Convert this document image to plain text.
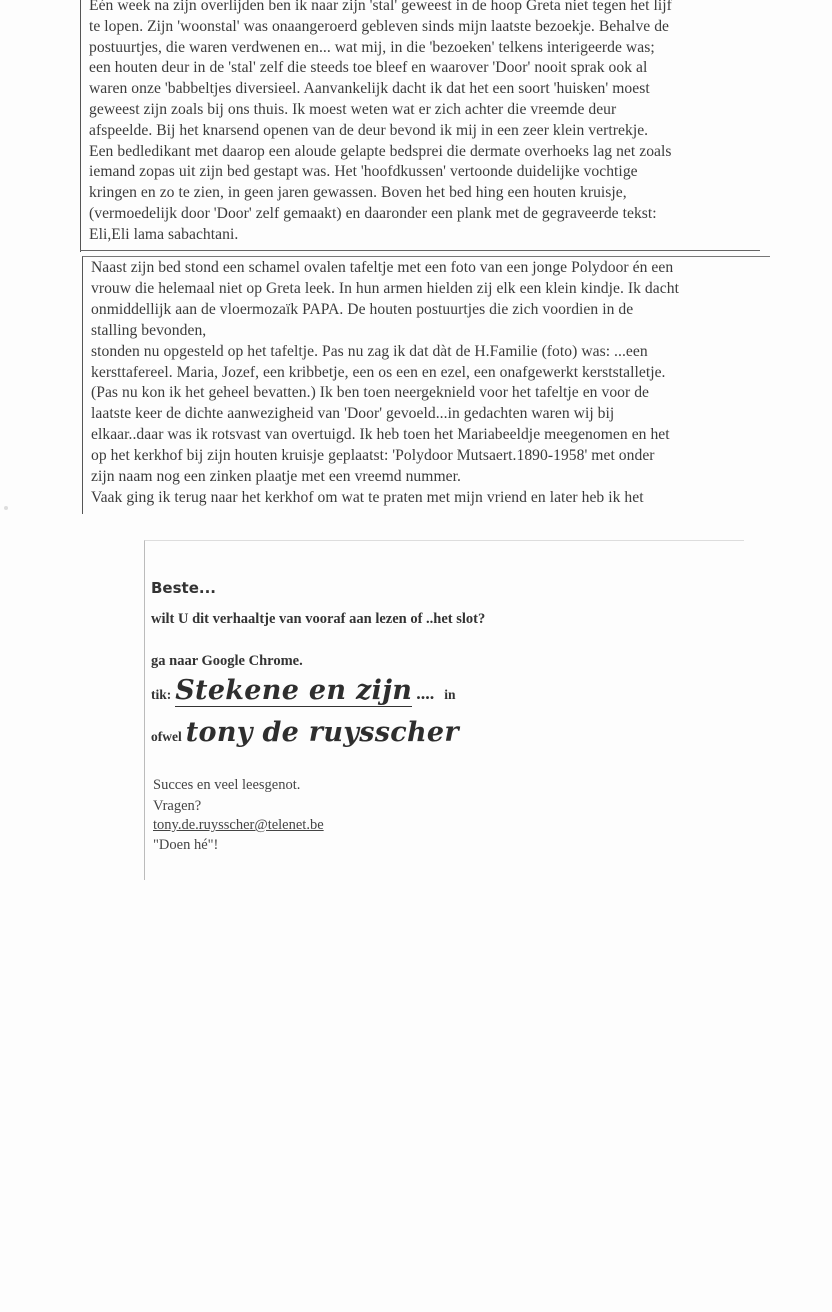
Eén week na zijn overlijden ben ik naar zijn 'stal' geweest in de hoop Greta niet tegen het lijf
te lopen. Zijn 'woonstal' was onaangeroerd gebleven sinds mijn laatste bezoekje. Behalve de
postuurtjes, die waren verdwenen en... wat mij, in die 'bezoeken' telkens interigeerde was;
een houten deur in de 'stal' zelf die steeds toe bleef en waarover 'Door' nooit sprak ook al
waren onze 'babbeltjes diversieel. Aanvankelijk dacht ik dat het een soort 'huisken' moest
geweest zijn zoals bij ons thuis. Ik moest weten wat er zich achter die vreemde deur
afspeelde. Bij het knarsend openen van de deur bevond ik mij in een zeer klein vertrekje.
Een bedledikant met daarop een aloude gelapte bedsprei die dermate overhoeks lag net zoals
iemand zopas uit zijn bed gestapt was. Het 'hoofdkussen' vertoonde duidelijke vochtige
kringen en zo te zien, in geen jaren gewassen. Boven het bed hing een houten kruisje,
(vermoedelijk door 'Door' zelf gemaakt) en daaronder een plank met de gegraveerde tekst:
Eli,Eli lama sabachtani.
Naast zijn bed stond een schamel ovalen tafeltje met een foto van een jonge Polydoor én een
vrouw die helemaal niet op Greta leek. In hun armen hielden zij elk een klein kindje. Ik dacht
onmiddellijk aan de vloermozaïk PAPA. De houten postuurtjes die zich voordien in de
stalling bevonden,
stonden nu opgesteld op het tafeltje. Pas nu zag ik dat dàt de H.Familie (foto) was: ...een
kersttafereel. Maria, Jozef, een kribbetje, een os een en ezel, een onafgewerkt kerststalletje.
(Pas nu kon ik het geheel bevatten.) Ik ben toen neergeknield voor het tafeltje en voor de
laatste keer de dichte aanwezigheid van 'Door' gevoeld...in gedachten waren wij bij
elkaar..daar was ik rotsvast van overtuigd. Ik heb toen het Mariabeeldje meegenomen en het
op het kerkhof bij zijn houten kruisje geplaatst: 'Polydoor Mutsaert.1890-1958' met onder
zijn naam nog een zinken plaatje met een vreemd nummer.
Vaak ging ik terug naar het kerkhof om wat te praten met mijn vriend en later heb ik het
Beste...
wilt U dit verhaaltje van vooraf aan lezen of ..het slot?
ga naar Google Chrome.
tik: Stekene en zijn .... in
ofwel tony de ruysscher
Succes en veel leesgenot.
Vragen?
tony.de.ruysscher@telenet.be
"Doen hé"!
